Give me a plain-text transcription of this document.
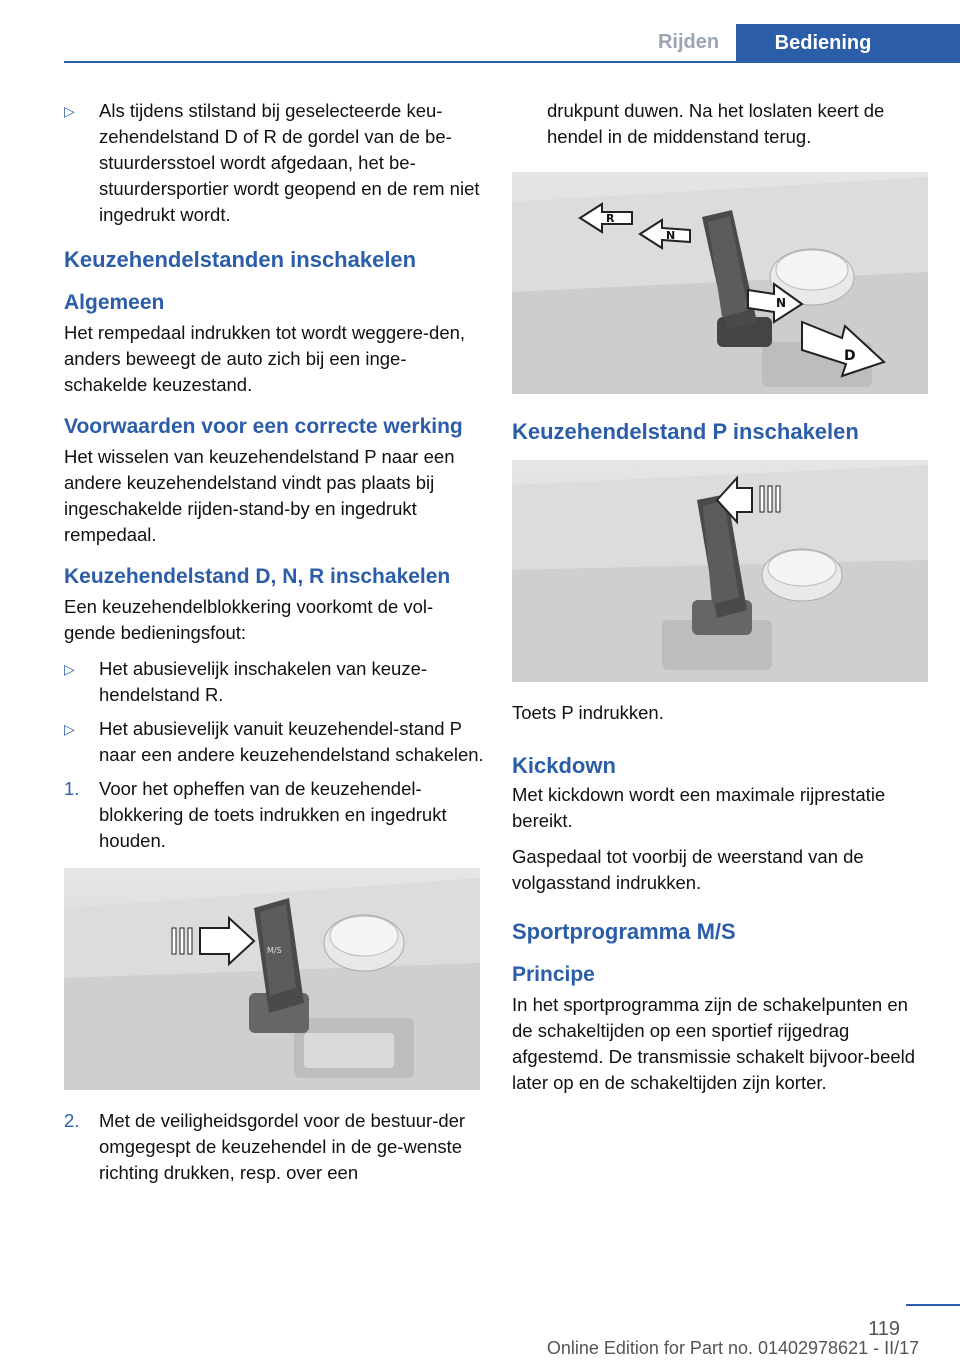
Rijden	Bediening
▷	Als tijdens stilstand bij geselecteerde keu-zehendelstand D of R de gordel van de be-stuurdersstoel wordt afgedaan, het be-stuurdersportier wordt geopend en de rem niet ingedrukt wordt.
Keuzehendelstanden inschakelen
Algemeen

Het rempedaal indrukken tot wordt weggere-den, anders beweegt de auto zich bij een inge-schakelde keuzestand.

Voorwaarden voor een correcte werking

Het wisselen van keuzehendelstand P naar een andere keuzehendelstand vindt pas plaats bij ingeschakelde rijden-stand-by en ingedrukt rempedaal.

Keuzehendelstand D, N, R inschakelen

Een keuzehendelblokkering voorkomt de vol-gende bedieningsfout:

▷	Het abusievelijk inschakelen van keuze-hendelstand R.
▷	Het abusievelijk vanuit keuzehendel-stand P naar een andere keuzehendelstand schakelen.
1.	Voor het opheffen van de keuzehendel-blokkering de toets indrukken en ingedrukt houden.
M/S
2.	Met de veiligheidsgordel voor de bestuur-der omgegespt de keuzehendel in de ge-wenste richting drukken, resp. over een

drukpunt duwen. Na het loslaten keert de hendel in de middenstand terug.

R
N
N
D
Keuzehendelstand P inschakelen

Toets P indrukken.

Kickdown

Met kickdown wordt een maximale rijprestatie bereikt.

Gaspedaal tot voorbij de weerstand van de volgasstand indrukken.

Sportprogramma M/S
Principe

In het sportprogramma zijn de schakelpunten en de schakeltijden op een sportief rijgedrag afgestemd. De transmissie schakelt bijvoor-beeld later op en de schakeltijden zijn korter.

119
Online Edition for Part no. 01402978621 - II/17
